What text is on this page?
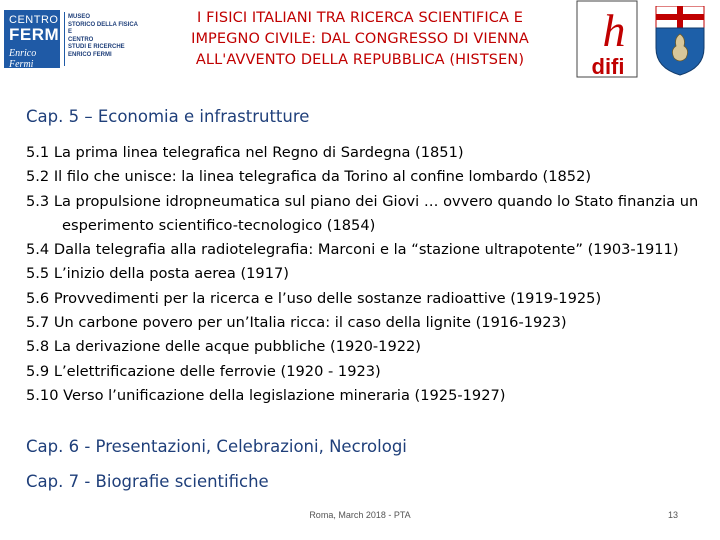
CENTRO
FERMI
Enrico Fermi
MUSEO
STORICO DELLA FISICA
E
CENTRO
STUDI E RICERCHE
ENRICO FERMI
I FISICI ITALIANI TRA RICERCA SCIENTIFICA E
IMPEGNO CIVILE: DAL CONGRESSO DI VIENNA
ALL'AVVENTO DELLA REPUBBLICA (HISTSEN)
h
difi
Cap. 5 – Economia e infrastrutture
5.1 La prima linea telegrafica nel Regno di Sardegna (1851)
5.2 Il filo che unisce: la linea telegrafica da Torino al confine lombardo (1852)
5.3 La propulsione idropneumatica sul piano dei Giovi … ovvero quando lo Stato finanzia un esperimento scientifico-tecnologico (1854)
5.4 Dalla telegrafia alla radiotelegrafia: Marconi e la “stazione ultrapotente” (1903-1911)
5.5 L’inizio della posta aerea (1917)
5.6 Provvedimenti per la ricerca e l’uso delle sostanze radioattive (1919-1925)
5.7 Un carbone povero per un’Italia ricca: il caso della lignite (1916-1923)
5.8 La derivazione delle acque pubbliche (1920-1922)
5.9 L’elettrificazione delle ferrovie (1920 - 1923)
5.10 Verso l’unificazione della legislazione mineraria (1925-1927)
Cap. 6 - Presentazioni, Celebrazioni, Necrologi
Cap. 7 - Biografie scientifiche
Roma, March 2018 - PTA	13
